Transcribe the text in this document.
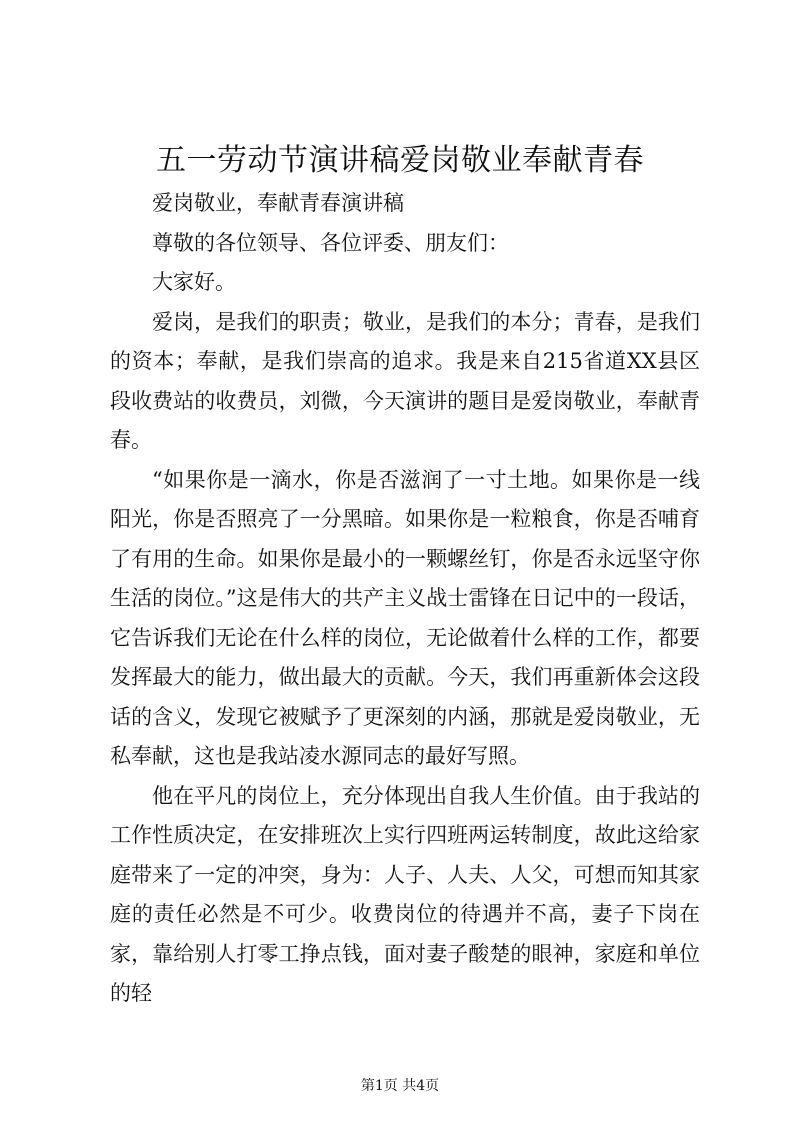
五一劳动节演讲稿爱岗敬业奉献青春

爱岗敬业，奉献青春演讲稿

尊敬的各位领导、各位评委、朋友们：

大家好。

爱岗，是我们的职责；敬业，是我们的本分；青春，是我们的资本；奉献，是我们崇高的追求。我是来自215省道XX县区段收费站的收费员，刘微，今天演讲的题目是爱岗敬业，奉献青春。

“如果你是一滴水，你是否滋润了一寸土地。如果你是一线阳光，你是否照亮了一分黑暗。如果你是一粒粮食，你是否哺育了有用的生命。如果你是最小的一颗螺丝钉，你是否永远坚守你生活的岗位。”这是伟大的共产主义战士雷锋在日记中的一段话，它告诉我们无论在什么样的岗位，无论做着什么样的工作，都要发挥最大的能力，做出最大的贡献。今天，我们再重新体会这段话的含义，发现它被赋予了更深刻的内涵，那就是爱岗敬业，无私奉献，这也是我站凌水源同志的最好写照。

他在平凡的岗位上，充分体现出自我人生价值。由于我站的工作性质决定，在安排班次上实行四班两运转制度，故此这给家庭带来了一定的冲突，身为：人子、人夫、人父，可想而知其家庭的责任必然是不可少。收费岗位的待遇并不高，妻子下岗在家，靠给别人打零工挣点钱，面对妻子酸楚的眼神，家庭和单位的轻

第1页 共4页
